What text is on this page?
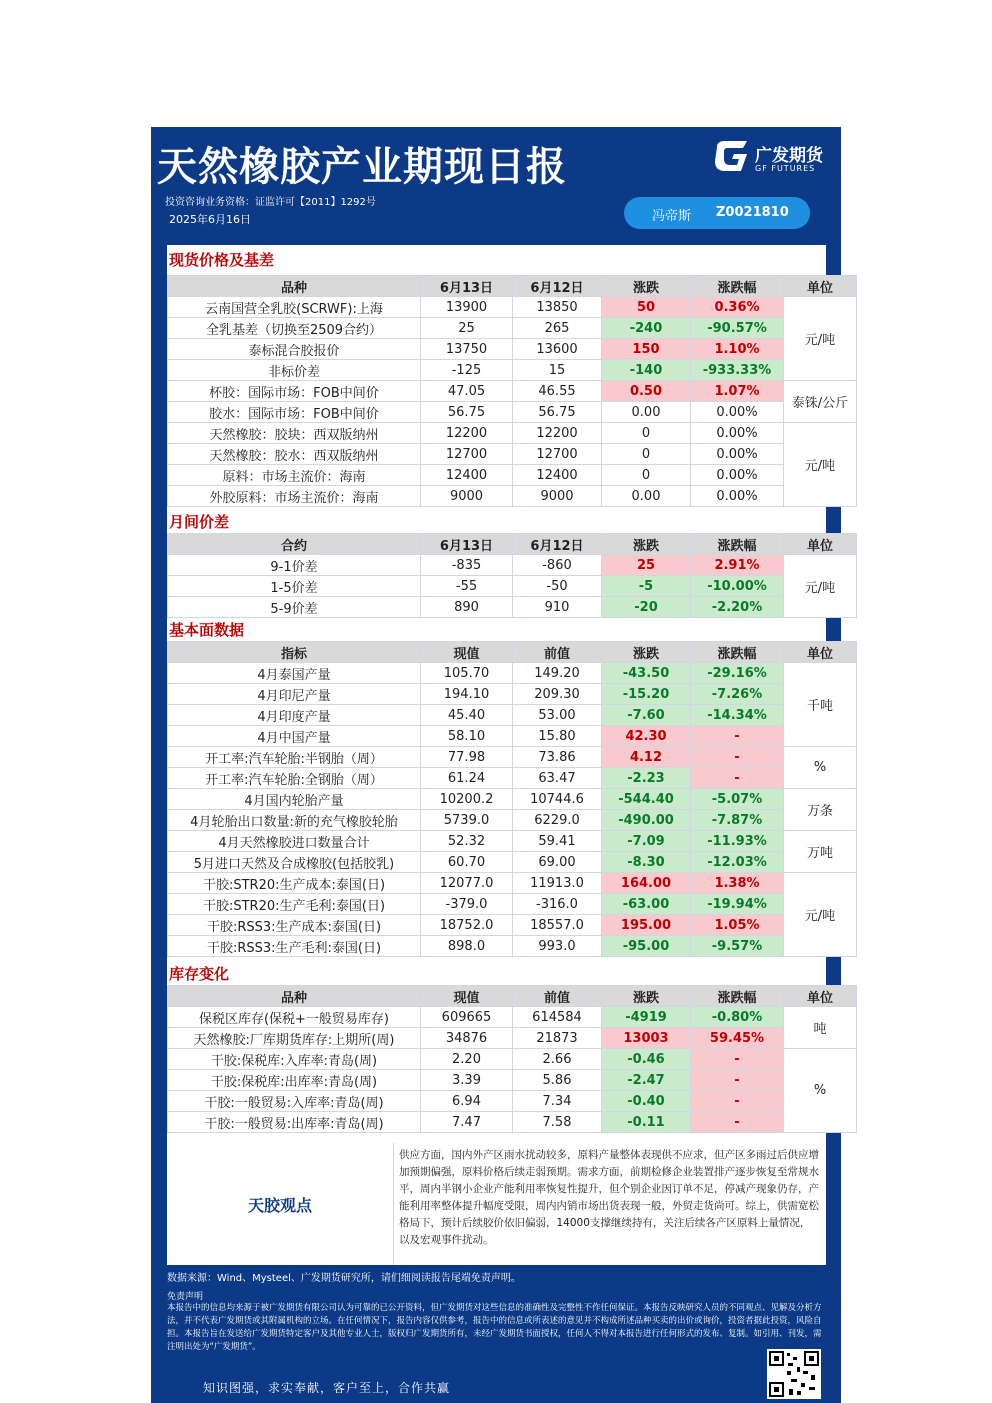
天然橡胶产业期现日报
投资咨询业务资格：证监许可【2011】1292号
2025年6月16日
广发期货
GF FUTURES
冯帝斯 Z0021810
现货价格及基差
品种	6月13日	6月12日	涨跌	涨跌幅	单位
云南国营全乳胶(SCRWF):上海	13900	13850	50	0.36%	元/吨
全乳基差（切换至2509合约）	25	265	-240	-90.57%	
泰标混合胶报价	13750	13600	150	1.10%	
非标价差	-125	15	-140	-933.33%	
杯胶：国际市场：FOB中间价	47.05	46.55	0.50	1.07%	泰铢/公斤
胶水：国际市场：FOB中间价	56.75	56.75	0.00	0.00%	
天然橡胶：胶块：西双版纳州	12200	12200	0	0.00%	元/吨
天然橡胶：胶水：西双版纳州	12700	12700	0	0.00%	
原料：市场主流价：海南	12400	12400	0	0.00%	
外胶原料：市场主流价：海南	9000	9000	0.00	0.00%	
月间价差
合约	6月13日	6月12日	涨跌	涨跌幅	单位
9-1价差	-835	-860	25	2.91%	元/吨
1-5价差	-55	-50	-5	-10.00%	
5-9价差	890	910	-20	-2.20%	
基本面数据
指标	现值	前值	涨跌	涨跌幅	单位
4月泰国产量	105.70	149.20	-43.50	-29.16%	千吨
4月印尼产量	194.10	209.30	-15.20	-7.26%	
4月印度产量	45.40	53.00	-7.60	-14.34%	
4月中国产量	58.10	15.80	42.30	-	
开工率:汽车轮胎:半钢胎（周）	77.98	73.86	4.12	-	%
开工率:汽车轮胎:全钢胎（周）	61.24	63.47	-2.23	-	
4月国内轮胎产量	10200.2	10744.6	-544.40	-5.07%	万条
4月轮胎出口数量:新的充气橡胶轮胎	5739.0	6229.0	-490.00	-7.87%	
4月天然橡胶进口数量合计	52.32	59.41	-7.09	-11.93%	万吨
5月进口天然及合成橡胶(包括胶乳)	60.70	69.00	-8.30	-12.03%	
干胶:STR20:生产成本:泰国(日)	12077.0	11913.0	164.00	1.38%	元/吨
干胶:STR20:生产毛利:泰国(日)	-379.0	-316.0	-63.00	-19.94%	
干胶:RSS3:生产成本:泰国(日)	18752.0	18557.0	195.00	1.05%	
干胶:RSS3:生产毛利:泰国(日)	898.0	993.0	-95.00	-9.57%	
库存变化
品种	现值	前值	涨跌	涨跌幅	单位
保税区库存(保税+一般贸易库存)	609665	614584	-4919	-0.80%	吨
天然橡胶:厂库期货库存:上期所(周)	34876	21873	13003	59.45%	
干胶:保税库:入库率:青岛(周)	2.20	2.66	-0.46	-	%
干胶:保税库:出库率:青岛(周)	3.39	5.86	-2.47	-	
干胶:一般贸易:入库率:青岛(周)	6.94	7.34	-0.40	-	
干胶:一般贸易:出库率:青岛(周)	7.47	7.58	-0.11	-	
天胶观点
供应方面，国内外产区雨水扰动较多，原料产量整体表现供不应求，但产区多雨过后供应增加预期偏强，原料价格后续走弱预期。需求方面，前期检修企业装置排产逐步恢复至常规水平，周内半钢小企业产能利用率恢复性提升，但个别企业因订单不足，停减产现象仍存，产能利用率整体提升幅度受限，周内内销市场出货表现一般，外贸走货尚可。综上，供需宽松格局下，预计后续胶价依旧偏弱，14000支撑继续持有，关注后续各产区原料上量情况，以及宏观事件扰动。
数据来源：Wind、Mysteel、广发期货研究所，请们细阅读报告尾端免责声明。
免责声明
本报告中的信息均来源于被广发期货有限公司认为可靠的已公开资料，但广发期货对这些信息的准确性及完整性不作任何保证。本报告反映研究人员的不同观点、见解及分析方法，并不代表广发期货或其附属机构的立场。在任何情况下，报告内容仅供参考，报告中的信息或所表述的意见并不构成所述品种买卖的出价或询价，投资者据此投资，风险自担。本报告旨在发送给广发期货特定客户及其他专业人士，版权归广发期货所有，未经广发期货书面授权，任何人不得对本报告进行任何形式的发布、复制。如引用、刊发，需注明出处为“广发期货”。
知识图强，求实奉献，客户至上，合作共赢
